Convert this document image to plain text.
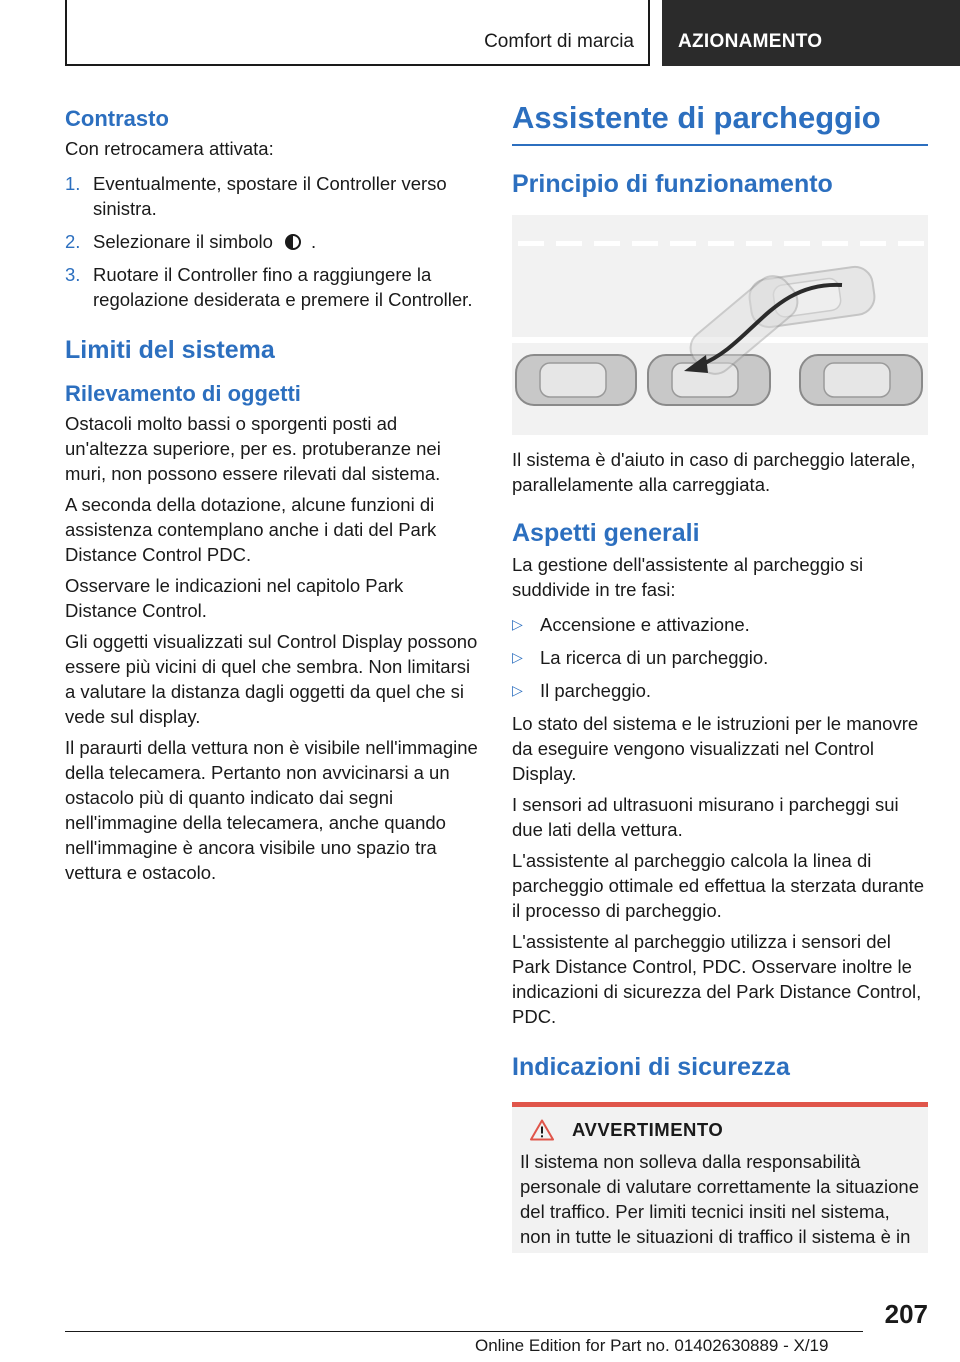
Comfort di marcia AZIONAMENTO
Contrasto

Con retrocamera attivata:

1. Eventualmente, spostare il Controller verso sinistra.
2. Selezionare il simbolo .
3. Ruotare il Controller fino a raggiungere la regolazione desiderata e premere il Controller.
Limiti del sistema
Rilevamento di oggetti

Ostacoli molto bassi o sporgenti posti ad un'altezza superiore, per es. protuberanze nei muri, non possono essere rilevati dal sistema.

A seconda della dotazione, alcune funzioni di assistenza contemplano anche i dati del Park Distance Control PDC.

Osservare le indicazioni nel capitolo Park Distance Control.

Gli oggetti visualizzati sul Control Display possono essere più vicini di quel che sembra. Non limitarsi a valutare la distanza dagli oggetti da quel che si vede sul display.

Il paraurti della vettura non è visibile nell'immagine della telecamera. Pertanto non avvicinarsi a un ostacolo più di quanto indicato dai segni nell'immagine della telecamera, anche quando nell'immagine è ancora visibile uno spazio tra vettura e ostacolo.

Assistente di parcheggio
Principio di funzionamento

Il sistema è d'aiuto in caso di parcheggio laterale, parallelamente alla carreggiata.

Aspetti generali

La gestione dell'assistente al parcheggio si suddivide in tre fasi:

▷ Accensione e attivazione.
▷ La ricerca di un parcheggio.
▷ Il parcheggio.

Lo stato del sistema e le istruzioni per le manovre da eseguire vengono visualizzati nel Control Display.

I sensori ad ultrasuoni misurano i parcheggi sui due lati della vettura.

L'assistente al parcheggio calcola la linea di parcheggio ottimale ed effettua la sterzata durante il processo di parcheggio.

L'assistente al parcheggio utilizza i sensori del Park Distance Control, PDC. Osservare inoltre le indicazioni di sicurezza del Park Distance Control, PDC.

Indicazioni di sicurezza
AVVERTIMENTO

Il sistema non solleva dalla responsabilità personale di valutare correttamente la situazione del traffico. Per limiti tecnici insiti nel sistema, non in tutte le situazioni di traffico il sistema è in

207
Online Edition for Part no. 01402630889 - X/19
